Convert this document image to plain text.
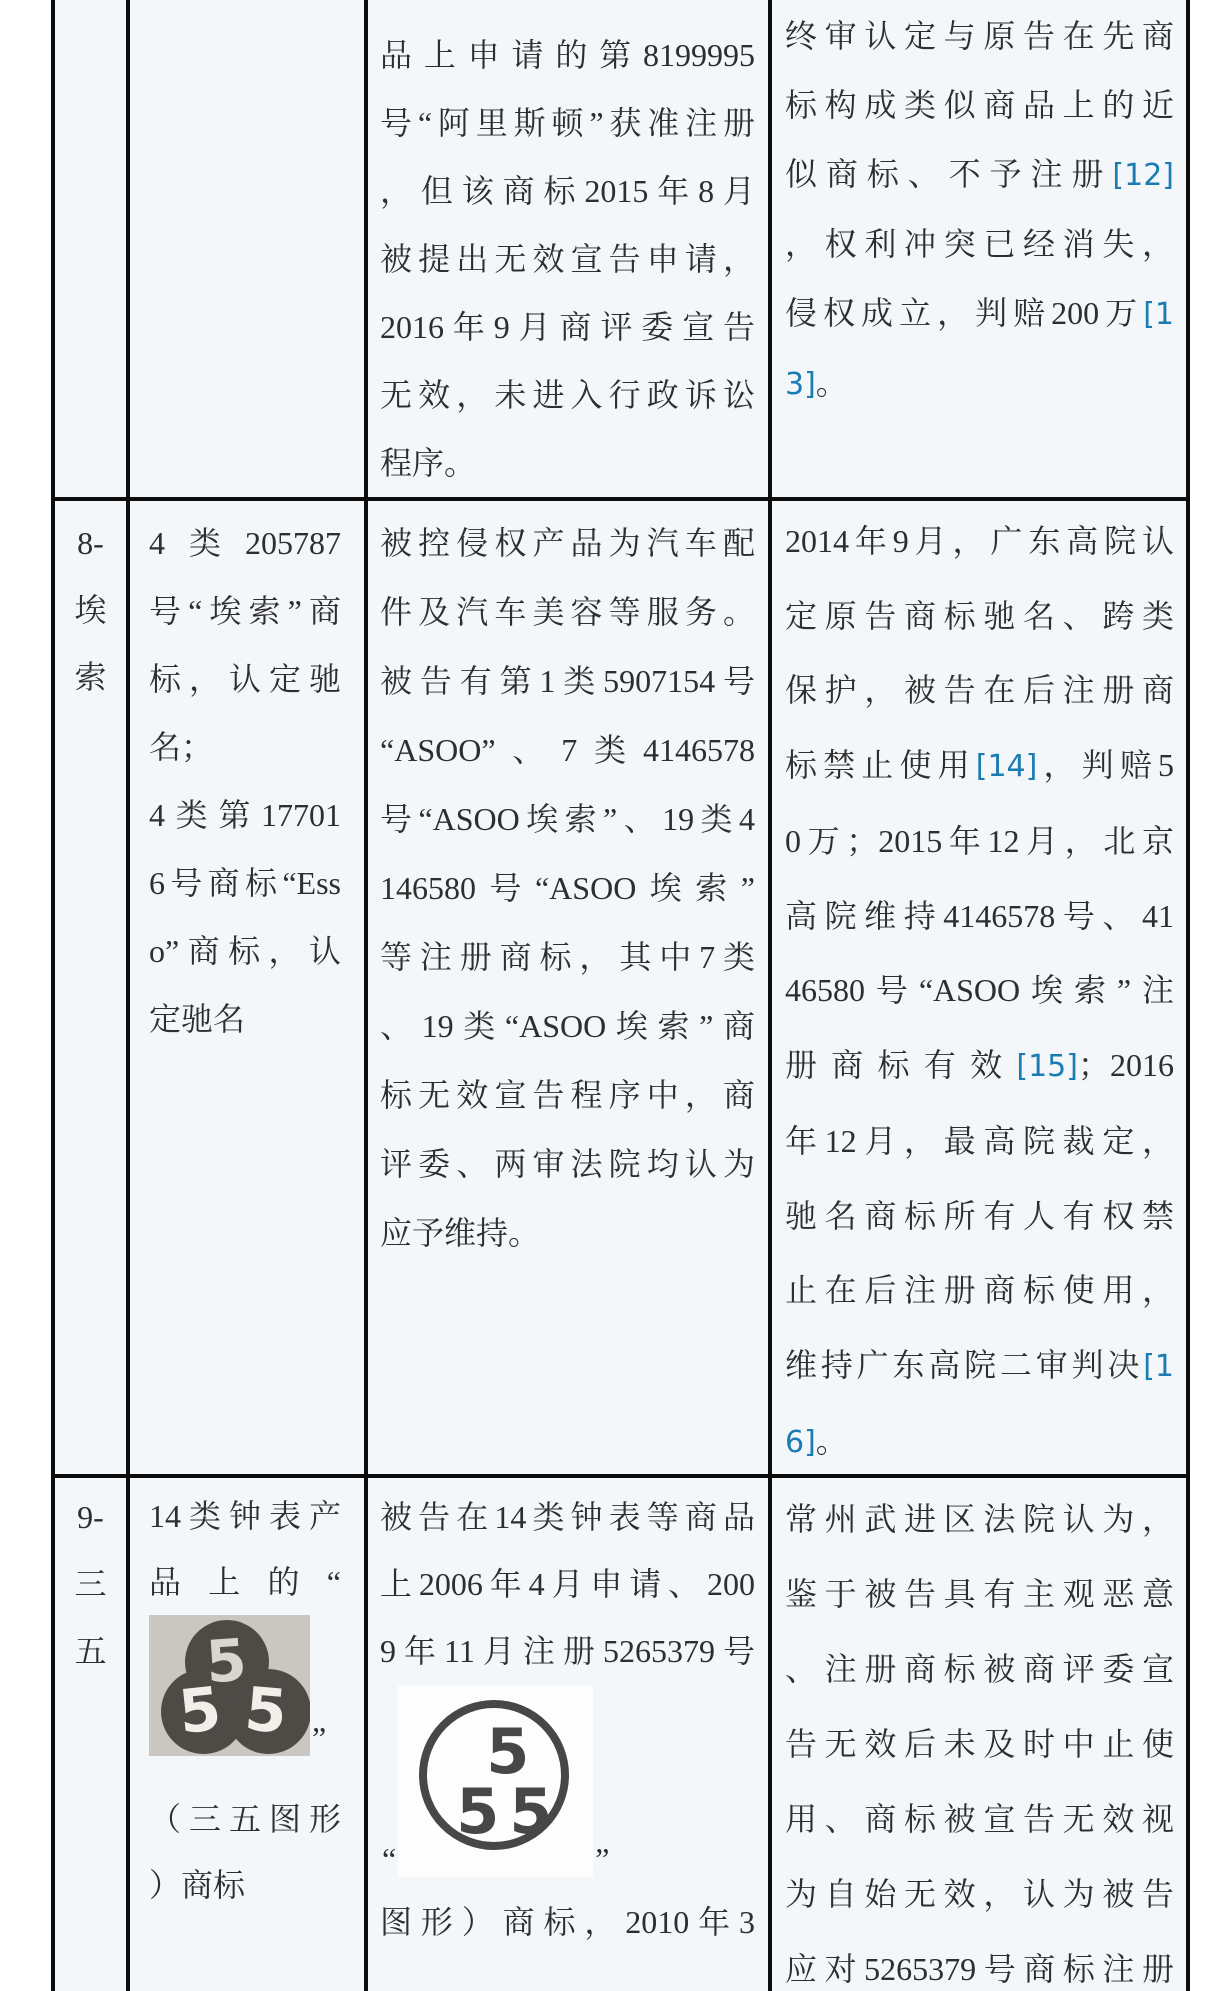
品上申请的第8199995
号“阿里斯顿”获准注册
，但该商标2015年8月
被提出无效宣告申请，
2016年9月商评委宣告
无效，未进入行政诉讼
程序。
终审认定与原告在先商
标构成类似商品上的近
似商标、不予注册[12]
，权利冲突已经消失，
侵权成立，判赔200万[1
3]。
8-
埃
索
4类205787
号“埃索”商
标，认定驰
名；
4类第17701
6号商标“Ess
o”商标，认
定驰名
被控侵权产品为汽车配
件及汽车美容等服务。
被告有第1类5907154号
“ASOO”、7类4146578
号“ASOO埃索”、19类4
146580号“ASOO埃索”
等注册商标，其中7类
、19类“ASOO埃索”商
标无效宣告程序中，商
评委、两审法院均认为
应予维持。
2014年9月，广东高院认
定原告商标驰名、跨类
保护，被告在后注册商
标禁止使用[14]，判赔5
0万；2015年12月，北京
高院维持4146578号、41
46580号“ASOO埃索”注
册商标有效[15]；2016
年12月，最高院裁定，
驰名商标所有人有权禁
止在后注册商标使用，
维持广东高院二审判决[1
6]。
9-
三
五
14类钟表产
品上的“
5
5 5 ”
（三五图形
）商标
被告在14类钟表等商品
上2006年4月申请、200
9年11月注册5265379号
“
5
55
”
图形）商标，2010年3
常州武进区法院认为，
鉴于被告具有主观恶意
、注册商标被商评委宣
告无效后未及时中止使
用、商标被宣告无效视
为自始无效，认为被告
应对5265379号商标注册
